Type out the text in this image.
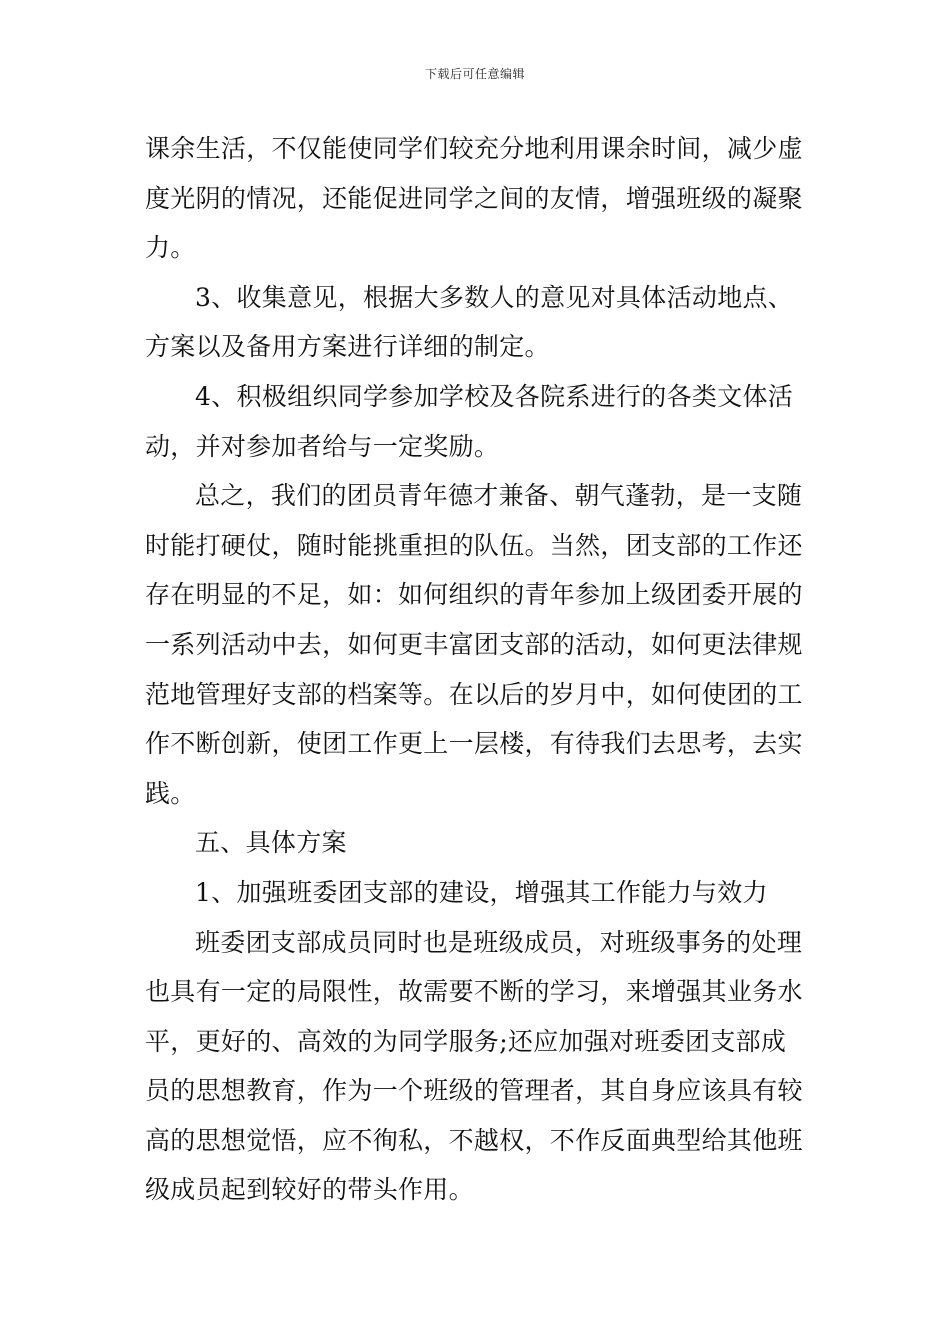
下载后可任意编辑

课余生活，不仅能使同学们较充分地利用课余时间，减少虚度光阴的情况，还能促进同学之间的友情，增强班级的凝聚力。

3、收集意见，根据大多数人的意见对具体活动地点、方案以及备用方案进行详细的制定。

4、积极组织同学参加学校及各院系进行的各类文体活动，并对参加者给与一定奖励。

总之，我们的团员青年德才兼备、朝气蓬勃，是一支随时能打硬仗，随时能挑重担的队伍。当然，团支部的工作还存在明显的不足，如：如何组织的青年参加上级团委开展的一系列活动中去，如何更丰富团支部的活动，如何更法律规范地管理好支部的档案等。在以后的岁月中，如何使团的工作不断创新，使团工作更上一层楼，有待我们去思考，去实践。

五、具体方案

1、加强班委团支部的建设，增强其工作能力与效力

班委团支部成员同时也是班级成员，对班级事务的处理也具有一定的局限性，故需要不断的学习，来增强其业务水平，更好的、高效的为同学服务;还应加强对班委团支部成员的思想教育，作为一个班级的管理者，其自身应该具有较高的思想觉悟，应不徇私，不越权，不作反面典型给其他班级成员起到较好的带头作用。
